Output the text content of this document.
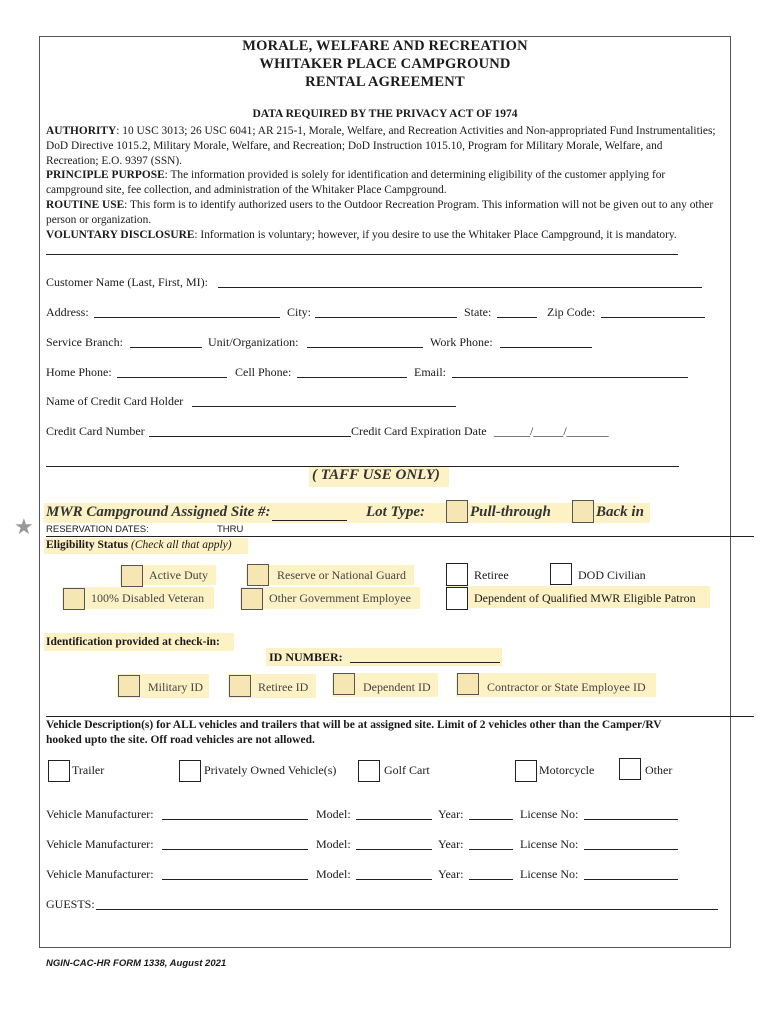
MORALE, WELFARE AND RECREATION
WHITAKER PLACE CAMPGROUND
RENTAL AGREEMENT
DATA REQUIRED BY THE PRIVACY ACT OF 1974
AUTHORITY: 10 USC 3013; 26 USC 6041; AR 215-1, Morale, Welfare, and Recreation Activities and Non-appropriated Fund Instrumentalities; DoD Directive 1015.2, Military Morale, Welfare, and Recreation; DoD Instruction 1015.10, Program for Military Morale, Welfare, and Recreation; E.O. 9397 (SSN).
PRINCIPLE PURPOSE: The information provided is solely for identification and determining eligibility of the customer applying for campground site, fee collection, and administration of the Whitaker Place Campground.
ROUTINE USE: This form is to identify authorized users to the Outdoor Recreation Program. This information will not be given out to any other person or organization.
VOLUNTARY DISCLOSURE: Information is voluntary; however, if you desire to use the Whitaker Place Campground, it is mandatory.
Customer Name (Last, First, MI):
Address:	City:	State:	Zip Code:
Service Branch:	Unit/Organization:	Work Phone:
Home Phone:	Cell Phone:	Email:
Name of Credit Card Holder
Credit Card Number	Credit Card Expiration Date ______/_____/_______
( TAFF USE ONLY)
MWR Campground Assigned Site #:	Lot Type:	Pull-through	Back in
★ RESERVATION DATES:	THRU
Eligibility Status (Check all that apply)
Active Duty	Reserve or National Guard	Retiree	DOD Civilian
100% Disabled Veteran	Other Government Employee	Dependent of Qualified MWR Eligible Patron
Identification provided at check-in:
ID NUMBER:
Military ID	Retiree ID	Dependent ID	Contractor or State Employee ID
Vehicle Description(s) for ALL vehicles and trailers that will be at assigned site. Limit of 2 vehicles other than the Camper/RV hooked upto the site. Off road vehicles are not allowed.
Trailer	Privately Owned Vehicle(s)	Golf Cart	Motorcycle	Other
Vehicle Manufacturer:	Model:	Year:	License No:
Vehicle Manufacturer:	Model:	Year:	License No:
Vehicle Manufacturer:	Model:	Year:	License No:
GUESTS:
NGIN-CAC-HR FORM 1338, August 2021
